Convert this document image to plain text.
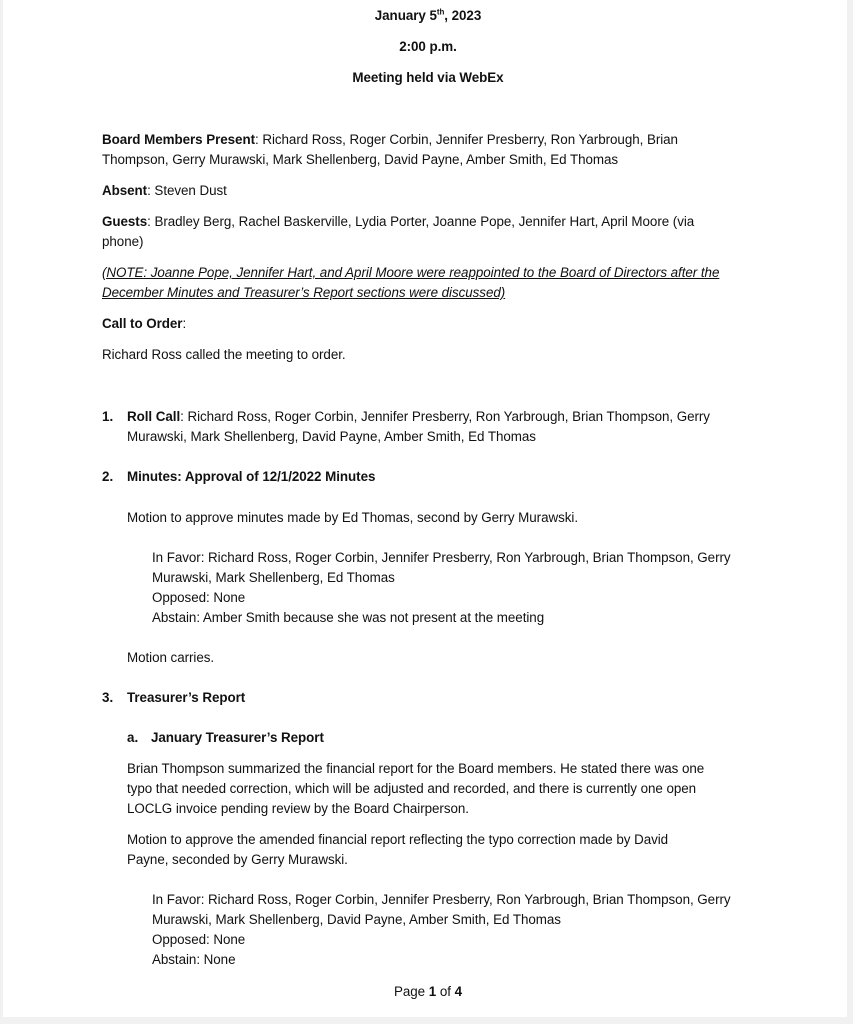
January 5th, 2023
2:00 p.m.
Meeting held via WebEx
Board Members Present: Richard Ross, Roger Corbin, Jennifer Presberry, Ron Yarbrough, Brian
Thompson, Gerry Murawski, Mark Shellenberg, David Payne, Amber Smith, Ed Thomas
Absent: Steven Dust
Guests: Bradley Berg, Rachel Baskerville, Lydia Porter, Joanne Pope, Jennifer Hart, April Moore (via
phone)
(NOTE: Joanne Pope, Jennifer Hart, and April Moore were reappointed to the Board of Directors after the
December Minutes and Treasurer’s Report sections were discussed)
Call to Order:
Richard Ross called the meeting to order.
1. Roll Call: Richard Ross, Roger Corbin, Jennifer Presberry, Ron Yarbrough, Brian Thompson, Gerry
Murawski, Mark Shellenberg, David Payne, Amber Smith, Ed Thomas
2. Minutes: Approval of 12/1/2022 Minutes
Motion to approve minutes made by Ed Thomas, second by Gerry Murawski.
In Favor: Richard Ross, Roger Corbin, Jennifer Presberry, Ron Yarbrough, Brian Thompson, Gerry
Murawski, Mark Shellenberg, Ed Thomas
Opposed: None
Abstain: Amber Smith because she was not present at the meeting
Motion carries.
3. Treasurer’s Report
a. January Treasurer’s Report
Brian Thompson summarized the financial report for the Board members. He stated there was one
typo that needed correction, which will be adjusted and recorded, and there is currently one open
LOCLG invoice pending review by the Board Chairperson.
Motion to approve the amended financial report reflecting the typo correction made by David
Payne, seconded by Gerry Murawski.
In Favor: Richard Ross, Roger Corbin, Jennifer Presberry, Ron Yarbrough, Brian Thompson, Gerry
Murawski, Mark Shellenberg, David Payne, Amber Smith, Ed Thomas
Opposed: None
Abstain: None
Page 1 of 4
